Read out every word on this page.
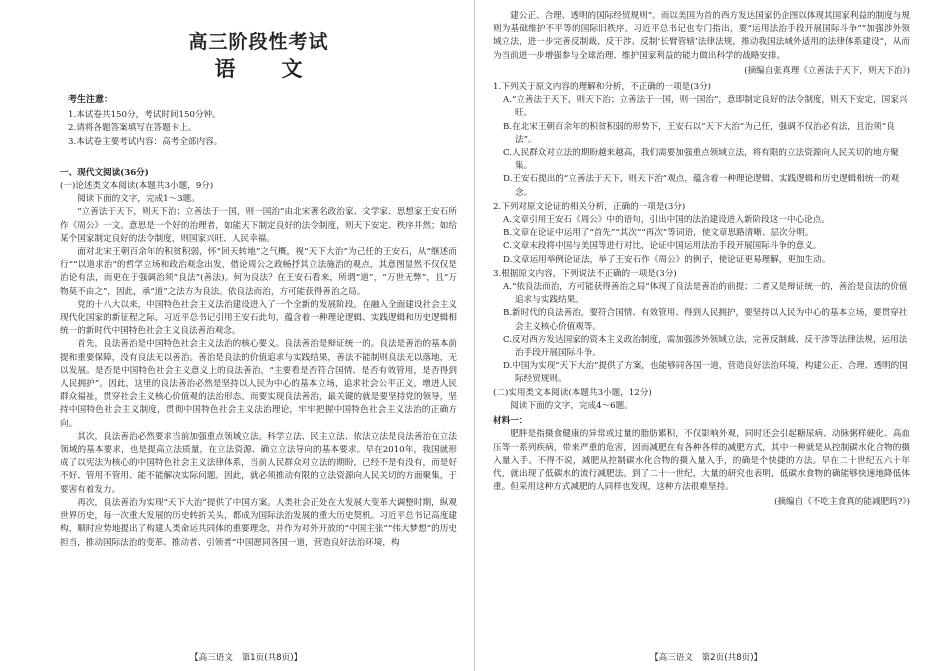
高三阶段性考试

语文

考生注意：

1.本试卷共150分，考试时间150分钟。

2.请将各题答案填写在答题卡上。

3.本试卷主要考试内容：高考全部内容。

一、现代文阅读(36分)

(一)论述类文本阅读(本题共3小题，9分)

阅读下面的文字，完成1～3题。

“立善法于天下，则天下治；立善法于一国，则一国治”由北宋著名政治家、文学家、思想家王安石所作《周公》一文。意思是一个好的治理者，如能天下制定良好的法令制度，则天下安定、秩序井然；如给某个国家制定良好的法令制度，则国家兴旺、人民幸福。

面对北宋王朝百余年的积贫积弱，怀“回天转地”之气概，视“天下大治”为己任的王安石，从“继述而行”“以道求治”的哲学立场和政治观念出发，借论周公之政畅抒其立法施治的观点，其意图显然不仅仅是治论有法，而更在于强调治须“良法”(善法)。何为良法？在王安石看来，所谓“道”，“万世无弊”，且“万物莫不由之”，因此，承“道”之法方为良法。依良法而治，方可能获得善治之局。

党的十八大以来，中国特色社会主义法治建设进入了一个全新的发展阶段。在融入全面建设社会主义现代化国家的新征程之际，习近平总书记引用王安石此句，蕴含着一种理论逻辑、实践逻辑和历史逻辑相统一的新时代中国特色社会主义良法善治观念。

首先，良法善治是中国特色社会主义法治的核心要义。良法善治是辩证统一的。良法是善治的基本前提和重要保障，没有良法无以善治。善治是良法的价值追求与实践结果，善法不能制则良法无以落地，无以发展。是否是中国特色社会主义意义上的良法善治，“主要看是否符合国情、是否有效管用，是否得到人民拥护”。因此，这里的良法善治必然是坚持以人民为中心的基本立场，追求社会公平正义，增进人民群众福祉，贯穿社会主义核心价值观的法治形态。而要实现良法善治，最关键的就是要坚持党的领导，坚持中国特色社会主义制度，贯彻中国特色社会主义法治理论，牢牢把握中国特色社会主义法治的正确方向。

其次，良法善治必然要求当前加强重点领域立法。科学立法、民主立法、依法立法是良法善治在立法领域的基本要求，也是提高立法质量，在立法资源、确立立法导向的基本要求。早在2010年，我国就形成了以宪法为核心的中国特色社会主义法律体系，当前人民群众对立法的期盼，已经不是有没有，而是好不好、管用不管用、能不能解决实际问题。因此，就必须推动有限的立法资源向人民关切的方面聚集，于要害有着发力。

再次，良法善治为实现“天下大治”提供了中国方案。人类社会正处在大发展大变革大调整时期，纵观世界历史，每一次重大发展的历史转折关头，都成为国际法治发展的重大历史契机。习近平总书记高度建构，顺时应势地提出了构建人类命运共同体的重要理念，并作为对外开放的“中国主张”“伟大梦想”的历史担当，推动国际法治的变革、推动者、引领者“中国愿同各国一道，营造良好法治环境，构

建公正、合理、透明的国际经贸规则”。而以美国为首的西方发达国家仍企图以体现其国家利益的制度与规则为基础维护不平等的国际旧秩序。习近平总书记也专门指出，要“运用法治手段开展国际斗争”“加强涉外领域立法，进一步完善反制裁、反干涉、反制‘长臂管辖’法律法规，推动我国法域外适用的法律体系建设”，从而为当前进一步增强参与全球治理、维护国家利益的能力做出科学的战略安排。

(摘编自张真理《立善法于天下，则天下治》)

1.下列关于原文内容的理解和分析，不正确的一项是(3分)

A.“立善法于天下，则天下治；立善法于一国，则一国治”，意即制定良好的法令制度，则天下安定，国家兴旺。

B.在北宋王朝百余年的积贫积弱的形势下，王安石以“天下大治”为己任，强调不仅治必有法，且治须“良法”。

C.人民群众对立法的期盼越来越高，我们需要加强重点领域立法，将有限的立法资源向人民关切的地方聚集。

D.王安石提出的“立善法于天下，则天下治”观点，蕴含着一种理论逻辑、实践逻辑和历史逻辑相统一的观念。

2.下列对原文论证的相关分析，正确的一项是(3分)

A.文章引用王安石《周公》中的语句，引出中国的法治建设进入新阶段这一中心论点。

B.文章在论证中运用了“首先”“其次”“再次”等词语，使文章思路清晰、层次分明。

C.文章末段将中国与美国等进行对比，论证中国运用法治手段开展国际斗争的意义。

D.文章运用举例论证法，举了王安石作《周公》的例子，使论证更易理解，更加生动。

3.根据原文内容，下列说法不正确的一项是(3分)

A.“依良法而治，方可能获得善治之局”体现了良法是善治的前提；二者又是辩证统一的，善治是良法的价值追求与实践结果。

B.新时代的良法善治，要符合国情、有效管用、得到人民拥护，要坚持以人民为中心的基本立场，要贯穿社会主义核心价值观等。

C.反对西方发达国家的资本主义政治制度，需加强涉外领域立法，完善反制裁、反干涉等法律法规，运用法治手段开展国际斗争。

D.中国为实现“天下大治”提供了方案，也能够同各国一道，营造良好法治环境，构建公正、合理、透明的国际经贸规则。

(二)实用类文本阅读(本题共3小题，12分)

阅读下面的文字，完成4～6题。

材料一：

肥胖是指摄食健康的异常或过量的脂肪累积，不仅影响外观，同时还会引起糖尿病、动脉粥样硬化、高血压等一系列疾病，带来严重的危害，因而减肥在有各种各样的减肥方式，其中一种就是从控制碳水化合物的摄入量入手。不得不说，减肥从控制碳水化合物的摄入量入手，的确是个快捷的方法。早在二十世纪五六十年代，就出现了低碳水的流行减肥法。到了二十一世纪，大量的研究也表明，低碳水食物的确能够快速地降低体重。但采用这种方式减肥的人同样也发现，这种方法很难坚持。

(摘编自《不吃主食真的能减肥吗?》)

【高三语文　第1页(共8页)】	【高三语文　第2页(共8页)】
